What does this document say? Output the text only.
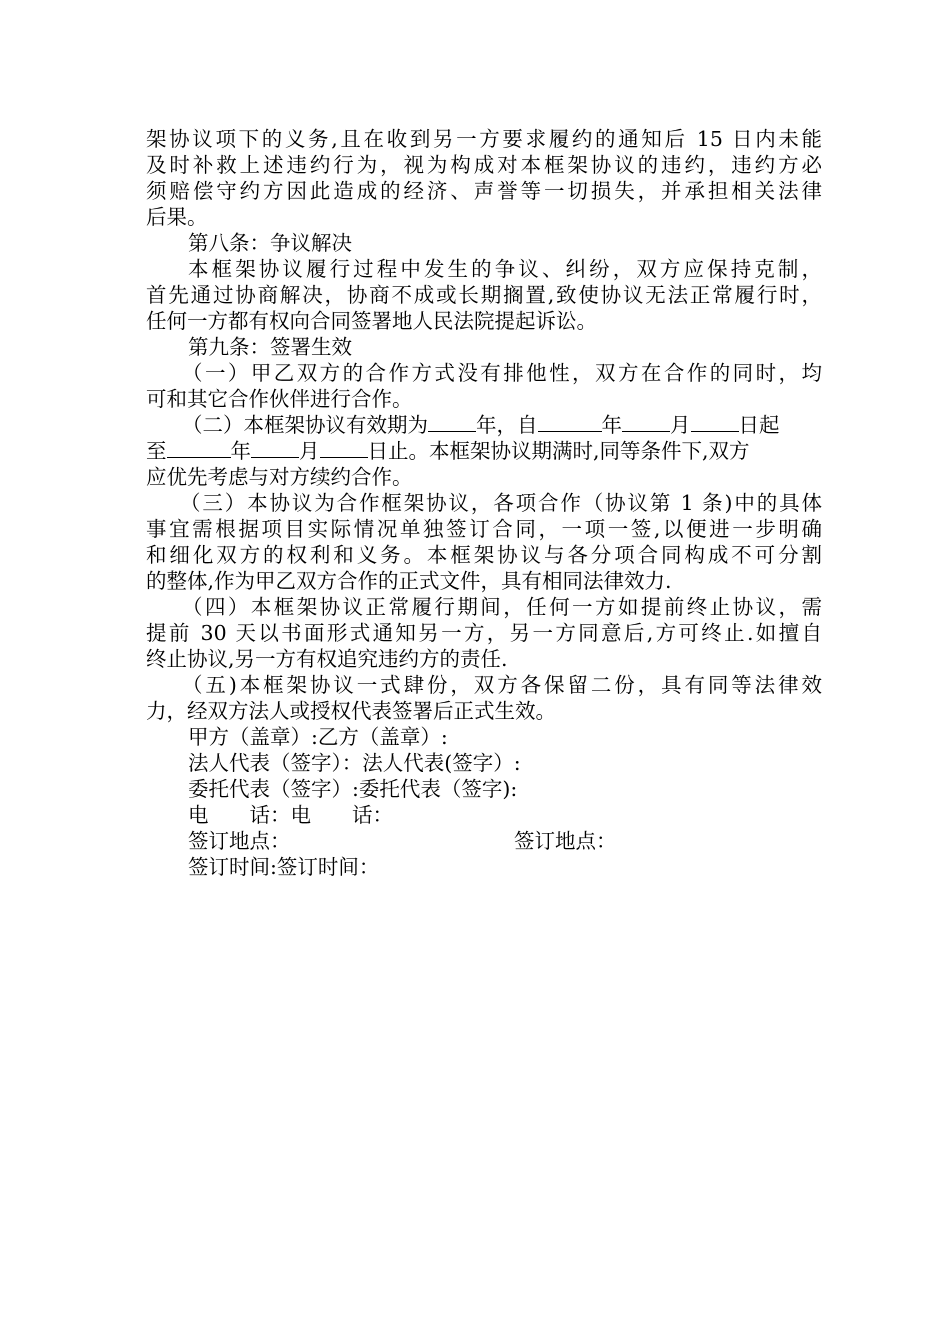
架协议项下的义务,且在收到另一方要求履约的通知后 15 日内未能
及时补救上述违约行为，视为构成对本框架协议的违约，违约方必
须赔偿守约方因此造成的经济、声誉等一切损失，并承担相关法律
后果。
第八条：争议解决
本框架协议履行过程中发生的争议、纠纷，双方应保持克制，
首先通过协商解决，协商不成或长期搁置,致使协议无法正常履行时，
任何一方都有权向合同签署地人民法院提起诉讼。
第九条：签署生效
（一）甲乙双方的合作方式没有排他性，双方在合作的同时，均
可和其它合作伙伴进行合作。
（二）本框架协议有效期为 年，自	年 月 日起
至	年 月 日止。本框架协议期满时,同等条件下,双方
应优先考虑与对方续约合作。
（三）本协议为合作框架协议，各项合作（协议第 1 条)中的具体
事宜需根据项目实际情况单独签订合同，一项一签,以便进一步明确
和细化双方的权利和义务。本框架协议与各分项合同构成不可分割
的整体,作为甲乙双方合作的正式文件，具有相同法律效力.
（四）本框架协议正常履行期间，任何一方如提前终止协议，需
提前 30 天以书面形式通知另一方，另一方同意后,方可终止.如擅自
终止协议,另一方有权追究违约方的责任.
（五)本框架协议一式肆份，双方各保留二份，具有同等法律效
力，经双方法人或授权代表签署后正式生效。
甲方（盖章）:乙方（盖章）:
法人代表（签字）：法人代表(签字）:
委托代表（签字）:委托代表（签字):
电　　话：电　　话：
签订地点：	签订地点：
签订时间:签订时间：
